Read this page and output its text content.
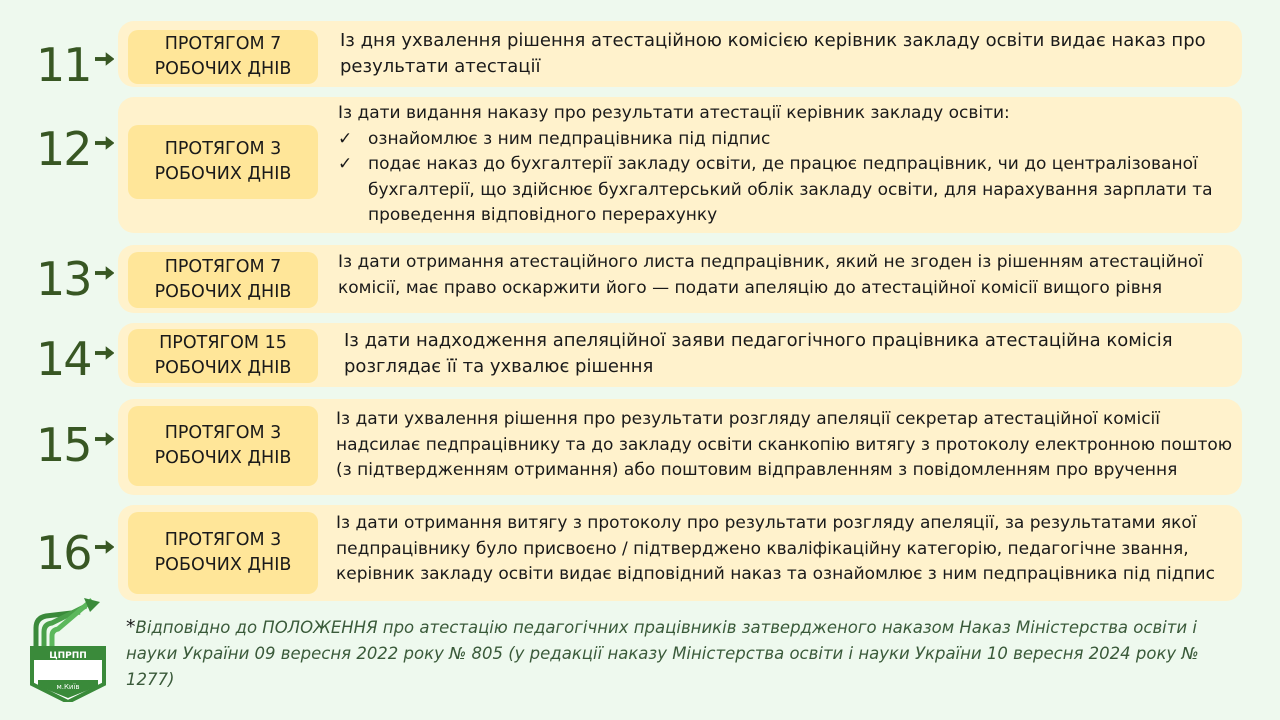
11	ПРОТЯГОМ 7
РОБОЧИХ ДНІВ
Із дня ухвалення рішення атестаційною комісією керівник закладу освіти видає наказ про результати атестації
12	ПРОТЯГОМ 3
РОБОЧИХ ДНІВ
Із дати видання наказу про результати атестації керівник закладу освіти:
✓ ознайомлює з ним педпрацівника під підпис
✓ подає наказ до бухгалтерії закладу освіти, де працює педпрацівник, чи до централізованої бухгалтерії, що здійснює бухгалтерський облік закладу освіти, для нарахування зарплати та проведення відповідного перерахунку
13	ПРОТЯГОМ 7
РОБОЧИХ ДНІВ
Із дати отримання атестаційного листа педпрацівник, який не згоден із рішенням атестаційної комісії, має право оскаржити його — подати апеляцію до атестаційної комісії вищого рівня
14	ПРОТЯГОМ 15
РОБОЧИХ ДНІВ
Із дати надходження апеляційної заяви педагогічного працівника атестаційна комісія розглядає її та ухвалює рішення
15	ПРОТЯГОМ 3
РОБОЧИХ ДНІВ
Із дати ухвалення рішення про результати розгляду апеляції секретар атестаційної комісії надсилає педпрацівнику та до закладу освіти сканкопію витягу з протоколу електронною поштою (з підтвердженням отримання) або поштовим відправленням з повідомленням про вручення
16	ПРОТЯГОМ 3
РОБОЧИХ ДНІВ
Із дати отримання витягу з протоколу про результати розгляду апеляції, за результатами якої педпрацівнику було присвоєно / підтверджено кваліфікаційну категорію, педагогічне звання, керівник закладу освіти видає відповідний наказ та ознайомлює з ним педпрацівника під підпис
ЦПРПП
м.Київ
*Відповідно до ПОЛОЖЕННЯ про атестацію педагогічних працівників затвердженого наказом Наказ Міністерства освіти і науки України 09 вересня 2022 року № 805 (у редакції наказу Міністерства освіти і науки України 10 вересня 2024 року № 1277)
